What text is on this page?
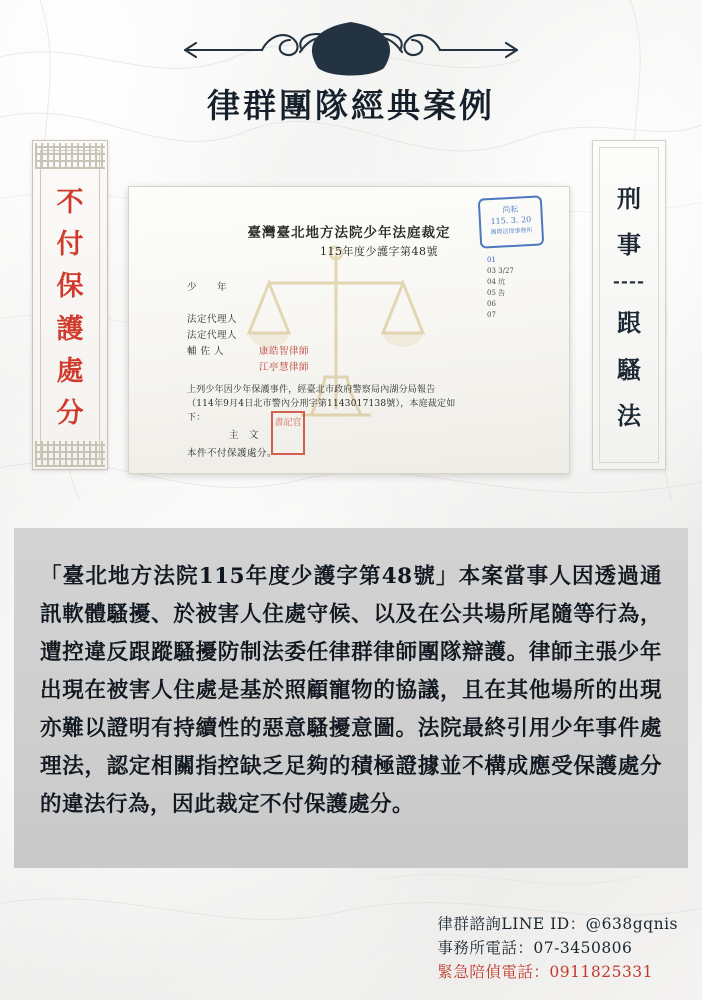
律群團隊經典案例
不
付
保
護
處
分
刑
事
----
跟
騷
法
臺灣臺北地方法院少年法庭裁定
115年度少護字第48號
少　　年
法定代理人
法定代理人
輔 佐 人	康皓智律師
江亭慧律師
上列少年因少年保護事件，經臺北市政府警察局內湖分局報告
（114年9月4日北市警內分刑字第1143017138號），本庭裁定如
下：
主　文
本件不付保護處分。
尚耘
115. 3. 20
國際法律事務所
書記官
01
03 3/27
04 坑
05 告
06
07

「臺北地方法院115年度少護字第48號」本案當事人因透過通訊軟體騷擾、於被害人住處守候、以及在公共場所尾隨等行為，遭控違反跟蹤騷擾防制法委任律群律師團隊辯護。律師主張少年出現在被害人住處是基於照顧寵物的協議，且在其他場所的出現亦難以證明有持續性的惡意騷擾意圖。法院最終引用少年事件處理法，認定相關指控缺乏足夠的積極證據並不構成應受保護處分的違法行為，因此裁定不付保護處分。

律群諮詢LINE ID：@638gqnis
事務所電話：07-3450806
緊急陪偵電話：0911825331
